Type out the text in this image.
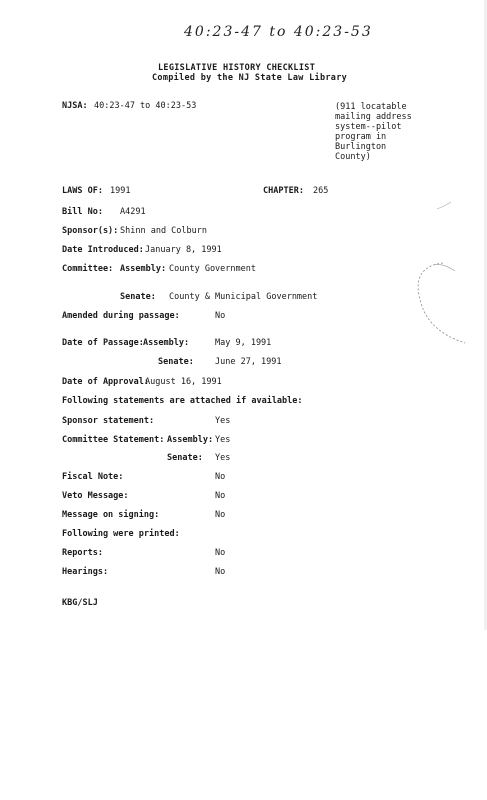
40:23-47 to 40:23-53
LEGISLATIVE HISTORY CHECKLIST
Compiled by the NJ State Law Library
NJSA: 40:23-47 to 40:23-53	(911 locatable
mailing address
system--pilot
program in
Burlington
County)
LAWS OF: 1991	CHAPTER: 265
Bill No: A4291
Sponsor(s): Shinn and Colburn
Date Introduced: January 8, 1991
Committee: Assembly: County Government
Senate: County & Municipal Government
Amended during passage:	No
Date of Passage: Assembly:	May 9, 1991
Senate: June 27, 1991
Date of Approval:
August 16, 1991
Following statements are attached if available:
Sponsor statement:	Yes
Committee Statement: Assembly: Yes
Senate: Yes
Fiscal Note:	No
Veto Message:	No
Message on signing:	No
Following were printed:
Reports:	No
Hearings:	No
KBG/SLJ
